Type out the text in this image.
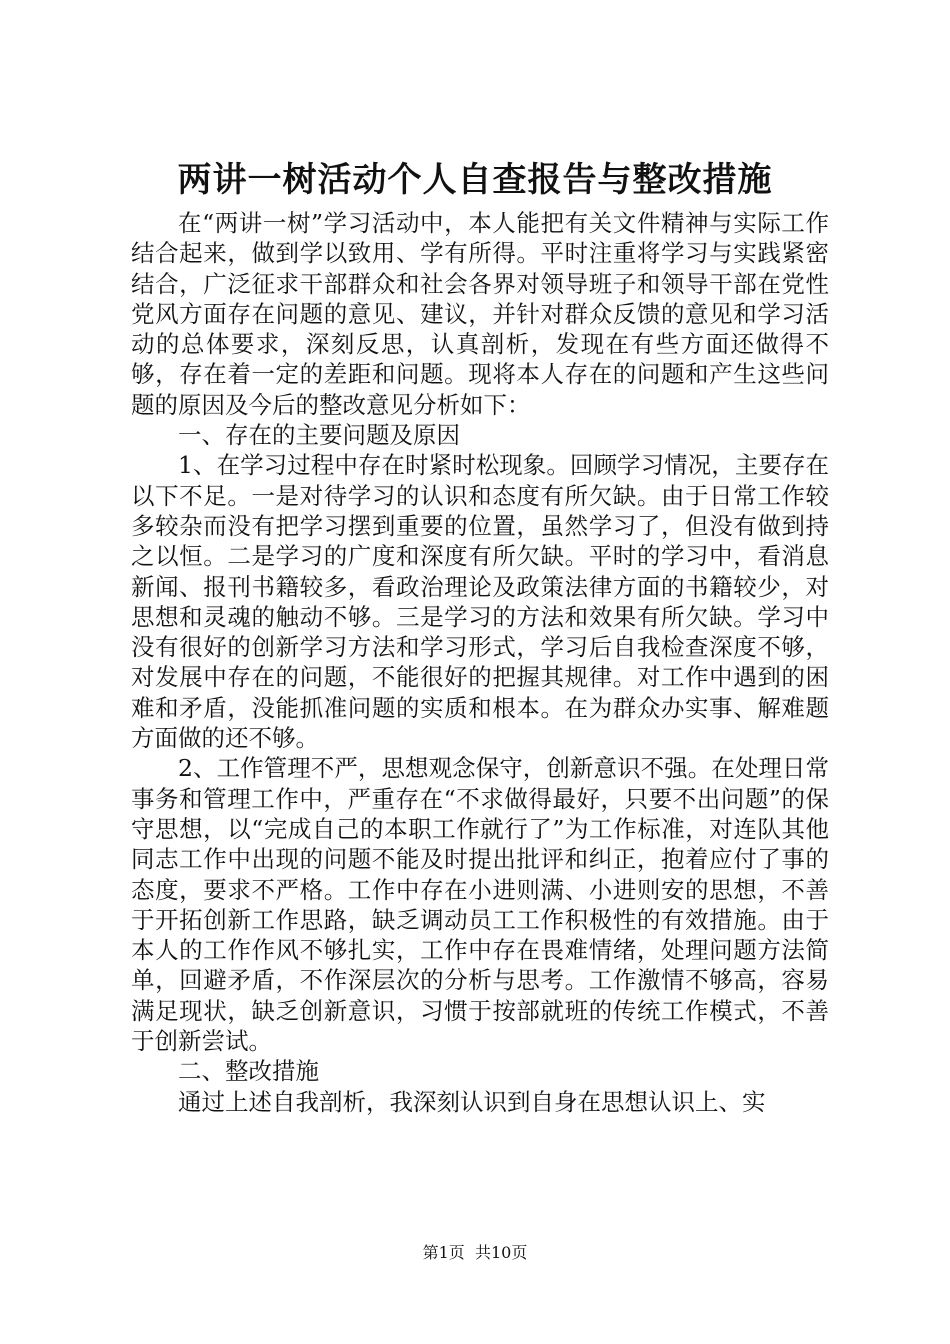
两讲一树活动个人自查报告与整改措施

在“两讲一树”学习活动中，本人能把有关文件精神与实际工作结合起来，做到学以致用、学有所得。平时注重将学习与实践紧密结合，广泛征求干部群众和社会各界对领导班子和领导干部在党性党风方面存在问题的意见、建议，并针对群众反馈的意见和学习活动的总体要求，深刻反思，认真剖析，发现在有些方面还做得不够，存在着一定的差距和问题。现将本人存在的问题和产生这些问题的原因及今后的整改意见分析如下：

一、存在的主要问题及原因

1、在学习过程中存在时紧时松现象。回顾学习情况，主要存在以下不足。一是对待学习的认识和态度有所欠缺。由于日常工作较多较杂而没有把学习摆到重要的位置，虽然学习了，但没有做到持之以恒。二是学习的广度和深度有所欠缺。平时的学习中，看消息新闻、报刊书籍较多，看政治理论及政策法律方面的书籍较少，对思想和灵魂的触动不够。三是学习的方法和效果有所欠缺。学习中没有很好的创新学习方法和学习形式，学习后自我检查深度不够，对发展中存在的问题，不能很好的把握其规律。对工作中遇到的困难和矛盾，没能抓准问题的实质和根本。在为群众办实事、解难题方面做的还不够。

2、工作管理不严，思想观念保守，创新意识不强。在处理日常事务和管理工作中，严重存在“不求做得最好，只要不出问题”的保守思想，以“完成自己的本职工作就行了”为工作标准，对连队其他同志工作中出现的问题不能及时提出批评和纠正，抱着应付了事的态度，要求不严格。工作中存在小进则满、小进则安的思想，不善于开拓创新工作思路，缺乏调动员工工作积极性的有效措施。由于本人的工作作风不够扎实，工作中存在畏难情绪，处理问题方法简单，回避矛盾，不作深层次的分析与思考。工作激情不够高，容易满足现状，缺乏创新意识，习惯于按部就班的传统工作模式，不善于创新尝试。

二、整改措施

通过上述自我剖析，我深刻认识到自身在思想认识上、实

第1页 共10页
